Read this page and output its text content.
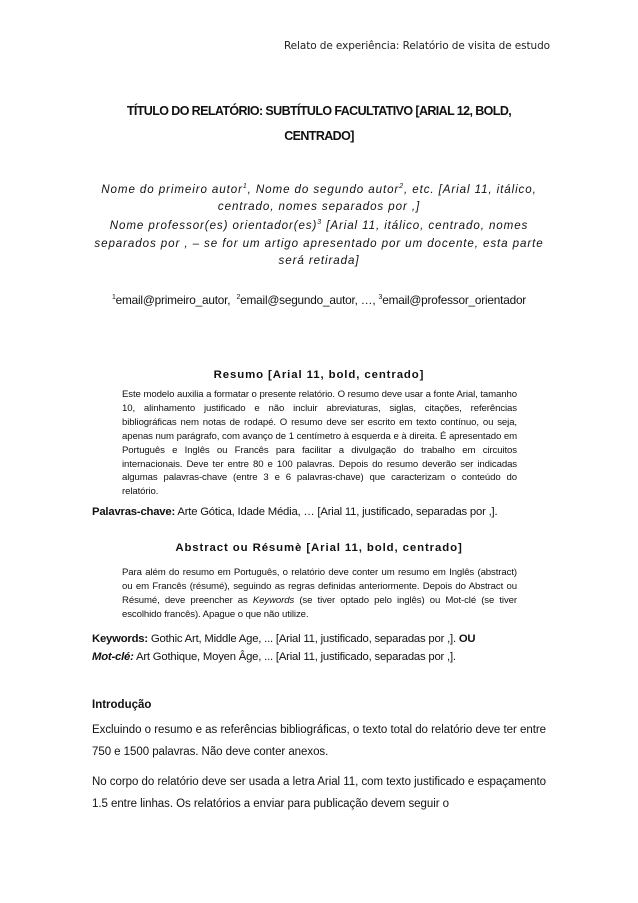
Relato de experiência: Relatório de visita de estudo
TÍTULO DO RELATÓRIO: SUBTÍTULO FACULTATIVO [ARIAL 12, BOLD,
CENTRADO]
Nome do primeiro autor$^1$, Nome do segundo autor$^2$, etc. [Arial 11, itálico,
centrado, nomes separados por ,]
Nome professor(es) orientador(es)$^3$ [Arial 11, itálico, centrado, nomes
separados por , – se for um artigo apresentado por um docente, esta parte
será retirada]
$^1$email@primeiro_autor, $^2$email@segundo_autor, …, $^3$email@professor_orientador
Resumo [Arial 11, bold, centrado]
Este modelo auxilia a formatar o presente relatório. O resumo deve usar a fonte Arial, tamanho 10, alinhamento justificado e não incluir abreviaturas, siglas, citações, referências bibliográficas nem notas de rodapé. O resumo deve ser escrito em texto contínuo, ou seja, apenas num parágrafo, com avanço de 1 centímetro à esquerda e à direita. É apresentado em Português e Inglês ou Francês para facilitar a divulgação do trabalho em circuitos internacionais. Deve ter entre 80 e 100 palavras. Depois do resumo deverão ser indicadas algumas palavras-chave (entre 3 e 6 palavras-chave) que caracterizam o conteúdo do relatório.
Palavras-chave: Arte Gótica, Idade Média, … [Arial 11, justificado, separadas por ,].
Abstract ou Résumè [Arial 11, bold, centrado]
Para além do resumo em Português, o relatório deve conter um resumo em Inglês (abstract) ou em Francês (résumé), seguindo as regras definidas anteriormente. Depois do Abstract ou Résumé, deve preencher as Keywords (se tiver optado pelo inglês) ou Mot-clé (se tiver escolhido francês). Apague o que não utilize.
Keywords: Gothic Art, Middle Age, ... [Arial 11, justificado, separadas por ,]. OU
Mot-clé: Art Gothique, Moyen Âge, ... [Arial 11, justificado, separadas por ,].
Introdução
Excluindo o resumo e as referências bibliográficas, o texto total do relatório deve ter entre 750 e 1500 palavras. Não deve conter anexos.
No corpo do relatório deve ser usada a letra Arial 11, com texto justificado e espaçamento 1.5 entre linhas. Os relatórios a enviar para publicação devem seguir o
